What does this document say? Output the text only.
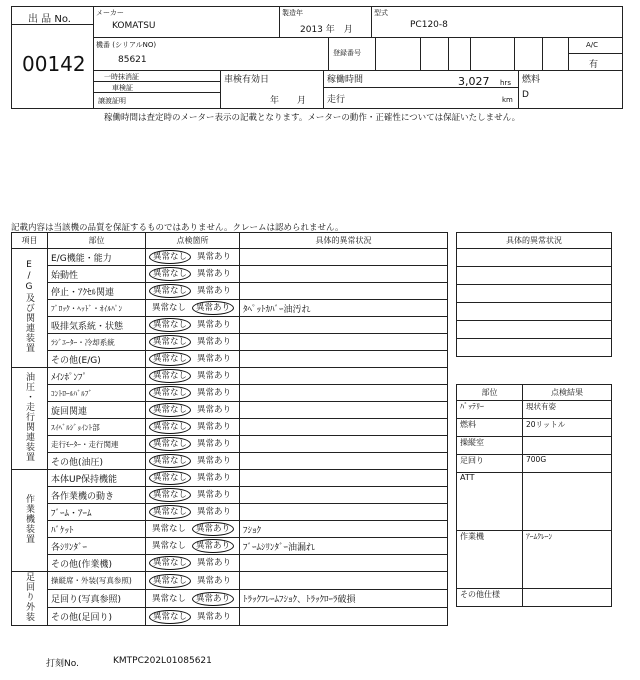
出 品 No.
00142
メーカー
KOMATSU
製造年
2013 年　月
型式
PC120-8
機番 (シリアルNO)
85621
登録番号
A/C
有
一時抹消証
車検証
譲渡証明
車検有効日
年　　月
稼働時間	3,027 hrs
走行	km
燃料
D
稼働時間は査定時のメーター表示の記載となります。メーターの動作・正確性については保証いたしません。
記載内容は当該機の品質を保証するものではありません。クレームは認められません。
項目	部位	点検箇所	具体的異常状況
E/G及び関連装置	E/G機能・能力	異常なし 異常あり	
	始動性	異常なし 異常あり	
	停止・ｱｸｾﾙ関連	異常なし 異常あり	
	ﾌﾞﾛｯｸ・ﾍｯﾄﾞ・ｵｲﾙﾊﾟﾝ	異常なし 異常あり	ﾀﾍﾟｯﾄｶﾊﾞｰ油汚れ
	吸排気系統・状態	異常なし 異常あり	
	ﾗｼﾞｴｰﾀｰ・冷却系統	異常なし 異常あり	
	その他(E/G)	異常なし 異常あり	
油圧・走行関連装置	ﾒｲﾝﾎﾟﾝﾌﾟ	異常なし 異常あり	
	ｺﾝﾄﾛｰﾙﾊﾞﾙﾌﾞ	異常なし 異常あり	
	旋回関連	異常なし 異常あり	
	ｽｲﾍﾞﾙｼﾞｮｲﾝﾄ部	異常なし 異常あり	
	走行ﾓｰﾀｰ・走行関連	異常なし 異常あり	
	その他(油圧)	異常なし 異常あり	
作業機装置	本体UP保持機能	異常なし 異常あり	
	各作業機の動き	異常なし 異常あり	
	ﾌﾞｰﾑ・ｱｰﾑ	異常なし 異常あり	
	ﾊﾞｹｯﾄ	異常なし 異常あり	ﾌｼｮｸ
	各ｼﾘﾝﾀﾞｰ	異常なし 異常あり	ﾌﾞｰﾑｼﾘﾝﾀﾞｰ油漏れ
	その他(作業機)	異常なし 異常あり	
足回り外装	操縦席・外装(写真参照)	異常なし 異常あり	
	足回り(写真参照)	異常なし 異常あり	ﾄﾗｯｸﾌﾚｰﾑﾌｼｮｸ、ﾄﾗｯｸﾛｰﾗ破損
	その他(足回り)	異常なし 異常あり	
具体的異常状況

部位	点検結果
ﾊﾞｯﾃﾘｰ	現状有姿
燃料	20リットル
操縦室	
足回り	700G
ATT	
作業機	ｱｰﾑｸﾚｰﾝ
その他仕様	
打刻No.	KMTPC202L01085621
